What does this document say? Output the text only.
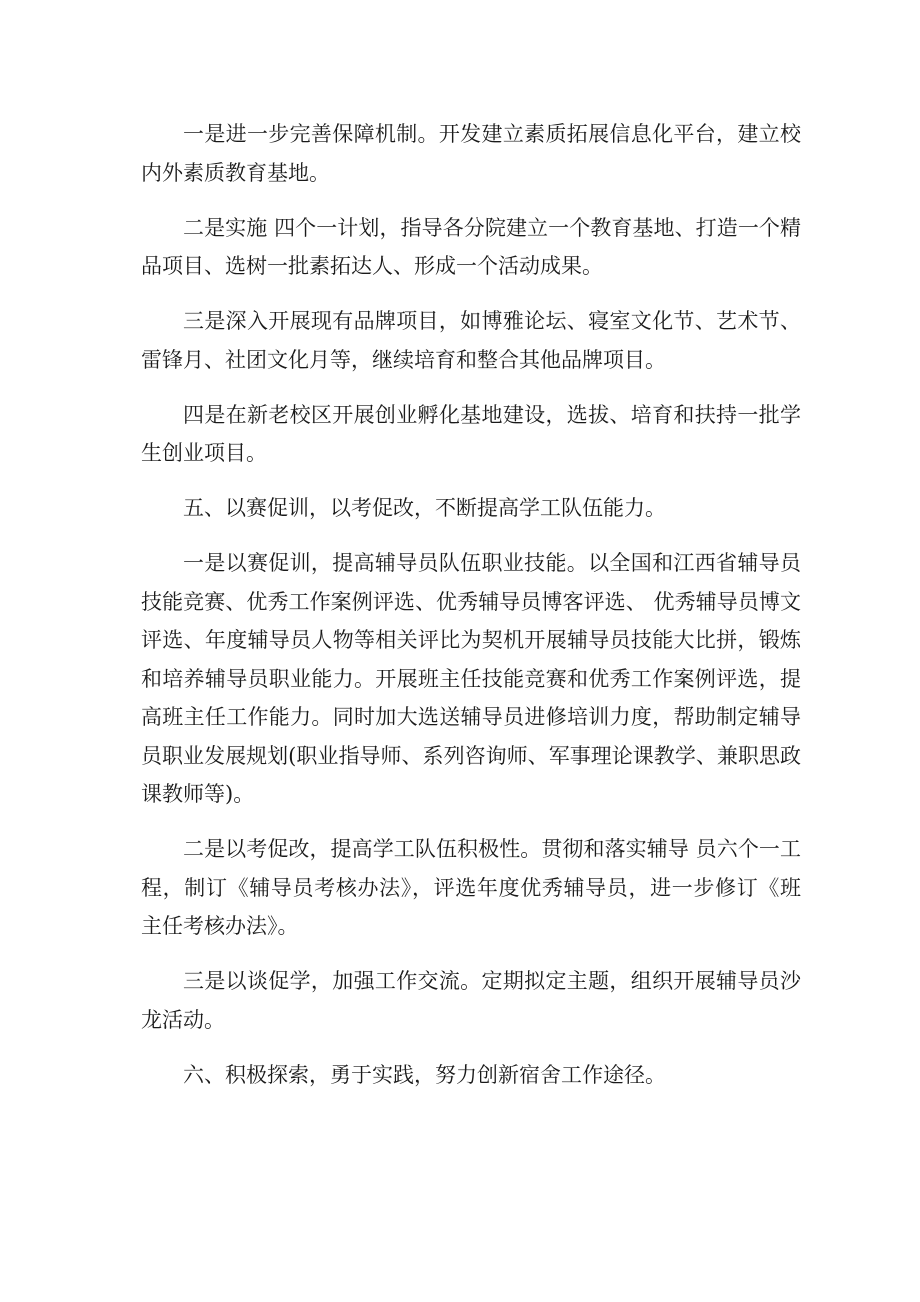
一是进一步完善保障机制。开发建立素质拓展信息化平台，建立校内外素质教育基地。

二是实施 四个一计划，指导各分院建立一个教育基地、打造一个精品项目、选树一批素拓达人、形成一个活动成果。

三是深入开展现有品牌项目，如博雅论坛、寝室文化节、艺术节、雷锋月、社团文化月等，继续培育和整合其他品牌项目。

四是在新老校区开展创业孵化基地建设，选拔、培育和扶持一批学生创业项目。

五、以赛促训，以考促改，不断提高学工队伍能力。

一是以赛促训，提高辅导员队伍职业技能。以全国和江西省辅导员技能竞赛、优秀工作案例评选、优秀辅导员博客评选、 优秀辅导员博文评选、年度辅导员人物等相关评比为契机开展辅导员技能大比拼，锻炼和培养辅导员职业能力。开展班主任技能竞赛和优秀工作案例评选，提高班主任工作能力。同时加大选送辅导员进修培训力度，帮助制定辅导员职业发展规划(职业指导师、系列咨询师、军事理论课教学、兼职思政课教师等)。

二是以考促改，提高学工队伍积极性。贯彻和落实辅导 员六个一工程，制订《辅导员考核办法》，评选年度优秀辅导员，进一步修订《班主任考核办法》。

三是以谈促学，加强工作交流。定期拟定主题，组织开展辅导员沙龙活动。

六、积极探索，勇于实践，努力创新宿舍工作途径。
